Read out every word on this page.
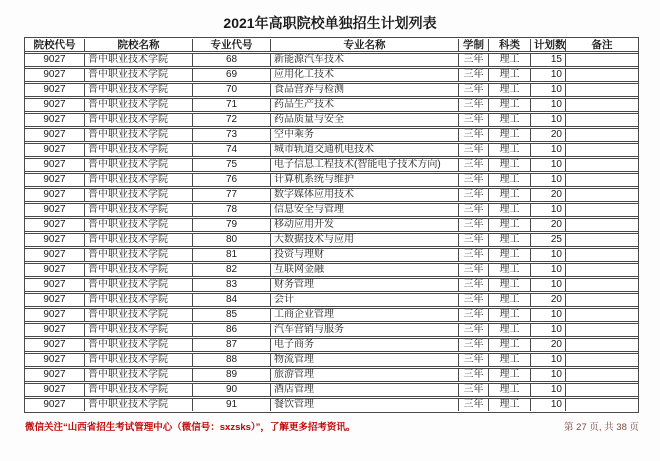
2021年高职院校单独招生计划列表
院校代号	院校名称	专业代号	专业名称	学制	科类	计划数	备注
9027	晋中职业技术学院	68	新能源汽车技术	三年	理工	15	
9027	晋中职业技术学院	69	应用化工技术	三年	理工	10	
9027	晋中职业技术学院	70	食品营养与检测	三年	理工	10	
9027	晋中职业技术学院	71	药品生产技术	三年	理工	10	
9027	晋中职业技术学院	72	药品质量与安全	三年	理工	10	
9027	晋中职业技术学院	73	空中乘务	三年	理工	20	
9027	晋中职业技术学院	74	城市轨道交通机电技术	三年	理工	10	
9027	晋中职业技术学院	75	电子信息工程技术(智能电子技术方向)	三年	理工	10	
9027	晋中职业技术学院	76	计算机系统与维护	三年	理工	10	
9027	晋中职业技术学院	77	数字媒体应用技术	三年	理工	20	
9027	晋中职业技术学院	78	信息安全与管理	三年	理工	10	
9027	晋中职业技术学院	79	移动应用开发	三年	理工	20	
9027	晋中职业技术学院	80	大数据技术与应用	三年	理工	25	
9027	晋中职业技术学院	81	投资与理财	三年	理工	10	
9027	晋中职业技术学院	82	互联网金融	三年	理工	10	
9027	晋中职业技术学院	83	财务管理	三年	理工	10	
9027	晋中职业技术学院	84	会计	三年	理工	20	
9027	晋中职业技术学院	85	工商企业管理	三年	理工	10	
9027	晋中职业技术学院	86	汽车营销与服务	三年	理工	10	
9027	晋中职业技术学院	87	电子商务	三年	理工	20	
9027	晋中职业技术学院	88	物流管理	三年	理工	10	
9027	晋中职业技术学院	89	旅游管理	三年	理工	10	
9027	晋中职业技术学院	90	酒店管理	三年	理工	10	
9027	晋中职业技术学院	91	餐饮管理	三年	理工	10	
微信关注“山西省招生考试管理中心（微信号：sxzsks）”，了解更多招考资讯。	第 27 页, 共 38 页
